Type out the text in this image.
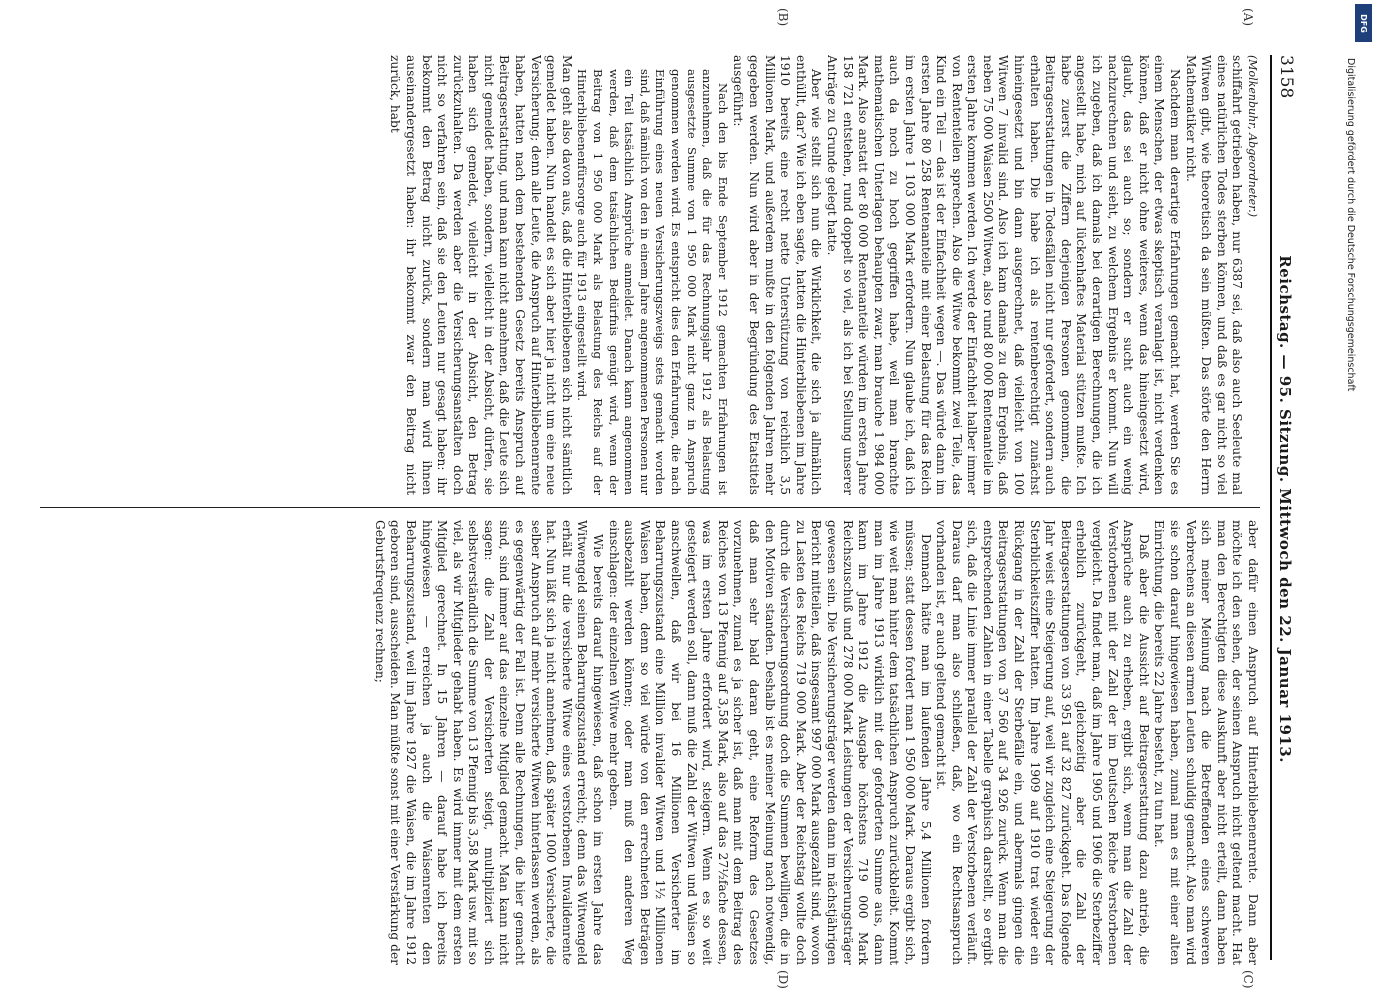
3158
Reichstag. — 95. Sitzung. Mittwoch den 22. Januar 1913.
(A)
(B)
(C)
(D)

(Molkenbuhr, Abgeordneter.)

schiffahrt getrieben haben, nur 6387 sei, daß also auch Seeleute mal eines natürlichen Todes sterben können, und daß es gar nicht so viel Witwen gibt, wie theoretisch da sein müßten. Das störte den Herrn Mathematiker nicht.

Nachdem man derartige Erfahrungen gemacht hat, werden Sie es einem Menschen, der etwas skeptisch veranlagt ist, nicht verdenken können, daß er nicht ohne weiteres, wenn das hineingesetzt wird, glaubt, das sei auch so; sondern er sucht auch ein wenig nachzurechnen und sieht, zu welchem Ergebnis er kommt. Nun will ich zugeben, daß ich damals bei derartigen Berechnungen, die ich angestellt habe, mich auf lückenhaftes Material stützen mußte. Ich habe zuerst die Ziffern derjenigen Personen genommen, die Beitragserstattungen in Todesfällen nicht nur gefordert, sondern auch erhalten haben. Die habe ich als rentenberechtigt zunächst hineingesetzt und bin dann ausgerechnet, daß vielleicht von 100 Witwen 7 invalid sind. Also ich kam damals zu dem Ergebnis, daß neben 75 000 Waisen 2500 Witwen, also rund 80 000 Rentenanteile im ersten Jahre kommen werden. Ich werde der Einfachheit halber immer von Rententeilen sprechen. Also die Witwe bekommt zwei Teile, das Kind ein Teil — das ist der Einfachheit wegen —. Das würde dann im ersten Jahre 80 258 Rentenanteile mit einer Belastung für das Reich im ersten Jahre 1 103 000 Mark erfordern. Nun glaube ich, daß ich auch da noch zu hoch gegriffen habe, weil man branchte mathematischen Unterlagen behaupten zwar, man brauche 1 984 000 Mark. Also anstatt der 80 000 Rentenanteile würden im ersten Jahre 158 721 entstehen, rund doppelt so viel, als ich bei Stellung unserer Anträge zu Grunde gelegt hatte.

Aber wie stellt sich nun die Wirklichkeit, die sich ja allmählich enthüllt, dar? Wie ich eben sagte, hatten die Hinterbliebenen im Jahre 1910 bereits eine recht nette Unterstützung von reichlich 3,5 Millionen Mark, und außerdem mußte in den folgenden Jahren mehr gegeben werden. Nun wird aber in der Begründung des Etatstitels ausgeführt:

Nach den bis Ende September 1912 gemachten Erfahrungen ist anzunehmen, daß die für das Rechnungsjahr 1912 als Belastung ausgesetzte Summe von 1 950 000 Mark nicht ganz in Anspruch genommen werden wird. Es entspricht dies den Erfahrungen, die nach Einführung eines neuen Versicherungszweigs stets gemacht worden sind, daß nämlich von den in einem Jahre angenommenen Personen nur ein Teil tatsächlich Ansprüche anmeldet. Danach kann angenommen werden, daß dem tatsächlichen Bedürfnis genügt wird, wenn der Beitrag von 1 950 000 Mark als Belastung des Reichs auf der Hinterbliebenenfürsorge auch für 1913 eingestellt wird.

Man geht also davon aus, daß die Hinterbliebenen sich nicht sämtlich gemeldet haben. Nun handelt es sich aber hier ja nicht um eine neue Versicherung; denn alle Leute, die Anspruch auf Hinterbliebenenrente haben, hatten nach dem bestehenden Gesetz bereits Anspruch auf Beitragserstattung, und man kann nicht annehmen, daß die Leute sich nicht gemeldet haben, sondern, vielleicht in der Absicht, dürfen, sie haben sich gemeldet, vielleicht in der Absicht, den Betrag zurückzuhalten. Da werden aber die Versicherungsanstalten doch nicht so verfahren sein, daß sie den Leuten nur gesagt haben: ihr bekommt den Betrag nicht zurück, sondern man wird ihnen auseinandergesetzt haben: ihr bekommt zwar den Beitrag nicht zurück, habt

aber dafür einen Anspruch auf Hinterbliebenenrente. Dann aber möchte ich den sehen, der seinen Anspruch nicht geltend macht. Hat man den Berechtigten diese Auskunft aber nicht erteilt, dann haben sich meiner Meinung nach die Betreffenden eines schweren Verbrechens an diesen armen Leuten schuldig gemacht. Also man wird sie schon darauf hingewiesen haben, zumal man es mit einer alten Einrichtung, die bereits 22 Jahre besteht, zu tun hat.

Daß aber die Aussicht auf Beitragserstattung dazu antrieb, die Ansprüche auch zu erheben, ergibt sich, wenn man die Zahl der Verstorbenen mit der Zahl der im Deutschen Reiche Verstorbenen vergleicht. Da findet man, daß im Jahre 1905 und 1906 die Sterbeziffer erheblich zurückgeht, gleichzeitig aber die Zahl der Beitragserstattungen von 33 951 auf 32 827 zurückgeht. Das folgende Jahr weist eine Steigerung auf, weil wir zugleich eine Steigerung der Sterblichkeitsziffer hatten. Im Jahre 1909 auf 1910 trat wieder ein Rückgang in der Zahl der Sterbefälle ein, und abermals gingen die Beitragserstattungen von 37 560 auf 34 926 zurück. Wenn man die entsprechenden Zahlen in einer Tabelle graphisch darstellt, so ergibt sich, daß die Linie immer parallel der Zahl der Verstorbenen verläuft. Daraus darf man also schließen, daß, wo ein Rechtsanspruch vorhanden ist, er auch geltend gemacht ist.

Demnach hätte man im laufenden Jahre 5,4 Millionen fordern müssen; statt dessen fordert man 1 950 000 Mark. Daraus ergibt sich, wie weit man hinter dem tatsächlichen Anspruch zurückbleibt. Kommt man im Jahre 1913 wirklich mit der geforderten Summe aus, dann kann im Jahre 1912 die Ausgabe höchstens 719 000 Mark Reichszuschuß und 278 000 Mark Leistungen der Versicherungsträger gewesen sein. Die Versicherungsträger werden dann im nächstjährigen Bericht mitteilen, daß insgesamt 997 000 Mark ausgezahlt sind, wovon zu Lasten des Reichs 719 000 Mark. Aber der Reichstag wollte doch durch die Versicherungsordnung doch die Summen bewilligen, die in den Motiven standen. Deshalb ist es meiner Meinung nach notwendig, daß man sehr bald daran geht, eine Reform des Gesetzes vorzunehmen, zumal es ja sicher ist, daß man mit dem Beitrag des Reiches von 13 Pfennig auf 3,58 Mark, also auf das 27½fache dessen, was im ersten Jahre erfordert wird, steigern. Wenn es so weit gesteigert werden soll, dann muß die Zahl der Witwen und Waisen so anschwellen, daß wir bei 16 Millionen Versicherter im Beharrungszustand eine Million invalider Witwen und 1½ Millionen Waisen haben, denn so viel würde von den errechneten Beträgen ausbezahlt werden können; oder man muß den anderen Weg einschlagen: der einzelnen Witwe mehr geben.

Wie bereits darauf hingewiesen, daß schon im ersten Jahre das Witwengeld seinen Beharrungszustand erreicht; denn das Witwengeld erhält nur die versicherte Witwe eines verstorbenen Invalidenrente hat. Nun läßt sich ja nicht annehmen, daß später 1000 Versicherte, die selber Anspruch auf mehr versicherte Witwen hinterlassen werden, als es gegenwärtig der Fall ist. Denn alle Rechnungen, die hier gemacht sind, sind immer auf das einzelne Mitglied gemacht. Man kann nicht sagen: die Zahl der Versicherten steigt, multipliziert sich selbstverständlich die Summe von 13 Pfennig bis 3,58 Mark usw. mit so viel, als wir Mitglieder gehabt haben. Es wird immer mit dem ersten Mitglied gerechnet. In 15 Jahren — darauf habe ich bereits hingewiesen — erreichen ja auch die Waisenrenten den Beharrungszustand, weil im Jahre 1927 die Waisen, die im Jahre 1912 geboren sind, ausscheiden. Man müßte sonst mit einer Verstärkung der Geburtsfrequenz rechnen;

DFG
Digitalisierung gefördert durch die Deutsche Forschungsgemeinschaft
